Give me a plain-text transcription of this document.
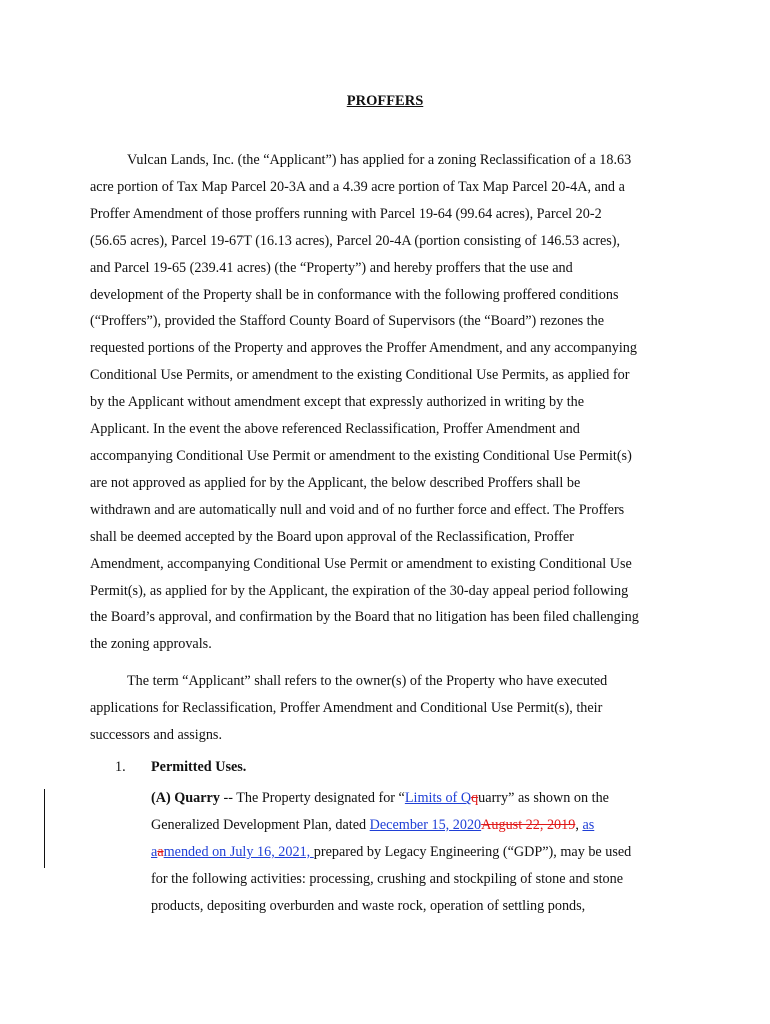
PROFFERS
Vulcan Lands, Inc. (the “Applicant”) has applied for a zoning Reclassification of a 18.63
acre portion of Tax Map Parcel 20-3A and a 4.39 acre portion of Tax Map Parcel 20-4A, and a
Proffer Amendment of those proffers running with Parcel 19-64 (99.64 acres), Parcel 20-2
(56.65 acres), Parcel 19-67T (16.13 acres), Parcel 20-4A (portion consisting of 146.53 acres),
and Parcel 19-65 (239.41 acres) (the “Property”) and hereby proffers that the use and
development of the Property shall be in conformance with the following proffered conditions
(“Proffers”), provided the Stafford County Board of Supervisors (the “Board”) rezones the
requested portions of the Property and approves the Proffer Amendment, and any accompanying
Conditional Use Permits, or amendment to the existing Conditional Use Permits, as applied for
by the Applicant without amendment except that expressly authorized in writing by the
Applicant. In the event the above referenced Reclassification, Proffer Amendment and
accompanying Conditional Use Permit or amendment to the existing Conditional Use Permit(s)
are not approved as applied for by the Applicant, the below described Proffers shall be
withdrawn and are automatically null and void and of no further force and effect. The Proffers
shall be deemed accepted by the Board upon approval of the Reclassification, Proffer
Amendment, accompanying Conditional Use Permit or amendment to existing Conditional Use
Permit(s), as applied for by the Applicant, the expiration of the 30-day appeal period following
the Board’s approval, and confirmation by the Board that no litigation has been filed challenging
the zoning approvals.
The term “Applicant” shall refers to the owner(s) of the Property who have executed
applications for Reclassification, Proffer Amendment and Conditional Use Permit(s), their
successors and assigns.
1. Permitted Uses.
(A) Quarry -- The Property designated for “Limits of Qquarry” as shown on the
Generalized Development Plan, dated December 15, 2020August 22, 2019, as
aamended on July 16, 2021, prepared by Legacy Engineering (“GDP”), may be used
for the following activities: processing, crushing and stockpiling of stone and stone
products, depositing overburden and waste rock, operation of settling ponds,
